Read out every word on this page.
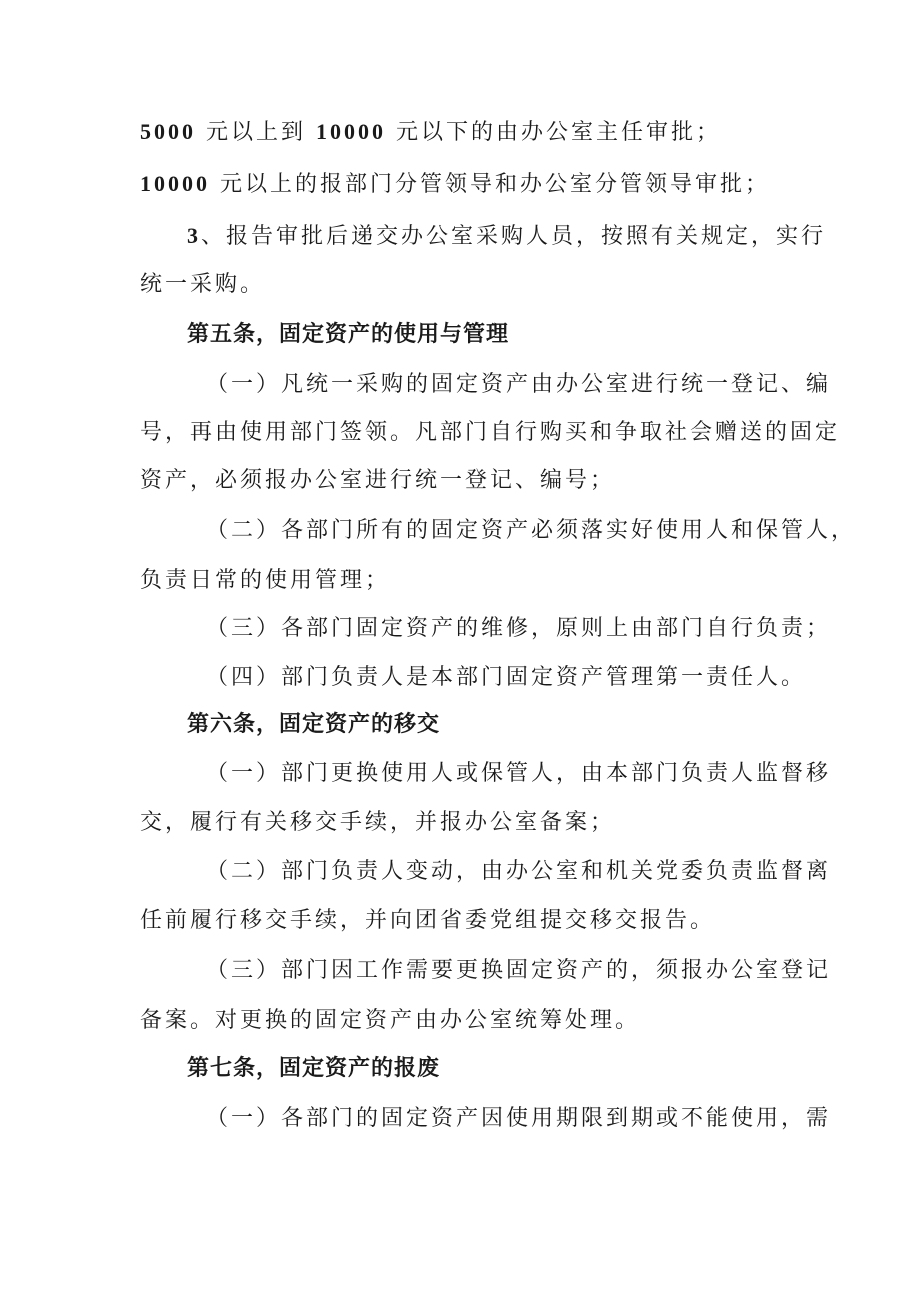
5000 元以上到 10000 元以下的由办公室主任审批；
10000 元以上的报部门分管领导和办公室分管领导审批；
3、报告审批后递交办公室采购人员，按照有关规定，实行
统一采购。
第五条，固定资产的使用与管理
（一）凡统一采购的固定资产由办公室进行统一登记、编
号，再由使用部门签领。凡部门自行购买和争取社会赠送的固定
资产，必须报办公室进行统一登记、编号；
（二）各部门所有的固定资产必须落实好使用人和保管人，
负责日常的使用管理；
（三）各部门固定资产的维修，原则上由部门自行负责；
（四）部门负责人是本部门固定资产管理第一责任人。
第六条，固定资产的移交
（一）部门更换使用人或保管人，由本部门负责人监督移
交，履行有关移交手续，并报办公室备案；
（二）部门负责人变动，由办公室和机关党委负责监督离
任前履行移交手续，并向团省委党组提交移交报告。
（三）部门因工作需要更换固定资产的，须报办公室登记
备案。对更换的固定资产由办公室统筹处理。
第七条，固定资产的报废
（一）各部门的固定资产因使用期限到期或不能使用，需
